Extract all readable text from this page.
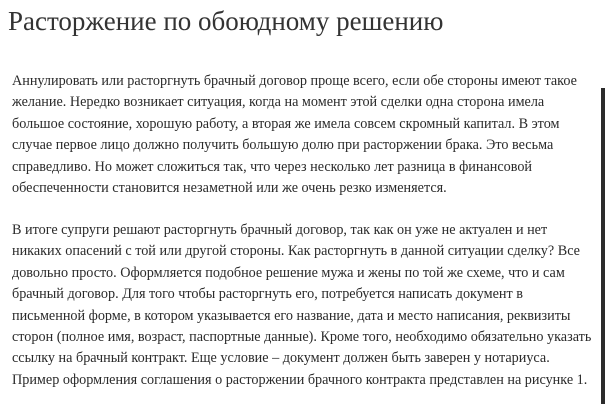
Расторжение по обоюдному решению

Аннулировать или расторгнуть брачный договор проще всего, если обе стороны имеют такое
желание. Нередко возникает ситуация, когда на момент этой сделки одна сторона имела
большое состояние, хорошую работу, а вторая же имела совсем скромный капитал. В этом
случае первое лицо должно получить большую долю при расторжении брака. Это весьма
справедливо. Но может сложиться так, что через несколько лет разница в финансовой
обеспеченности становится незаметной или же очень резко изменяется.

В итоге супруги решают расторгнуть брачный договор, так как он уже не актуален и нет
никаких опасений с той или другой стороны. Как расторгнуть в данной ситуации сделку? Все
довольно просто. Оформляется подобное решение мужа и жены по той же схеме, что и сам
брачный договор. Для того чтобы расторгнуть его, потребуется написать документ в
письменной форме, в котором указывается его название, дата и место написания, реквизиты
сторон (полное имя, возраст, паспортные данные). Кроме того, необходимо обязательно указать
ссылку на брачный контракт. Еще условие – документ должен быть заверен у нотариуса.
Пример оформления соглашения о расторжении брачного контракта представлен на рисунке 1.
